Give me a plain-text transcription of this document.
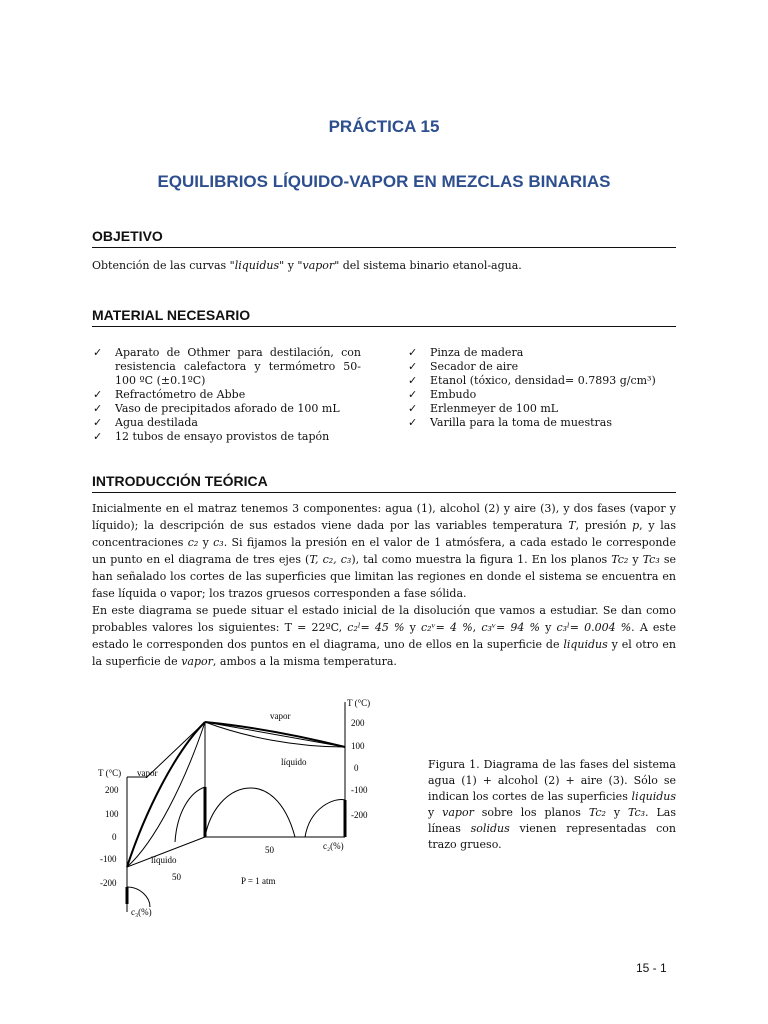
PRÁCTICA 15
EQUILIBRIOS LÍQUIDO-VAPOR EN MEZCLAS BINARIAS
OBJETIVO
Obtención de las curvas "liquidus" y "vapor" del sistema binario etanol-agua.
MATERIAL NECESARIO
✓ Aparato de Othmer para destilación, con resistencia calefactora y termómetro 50-100 ºC (±0.1ºC)
✓ Refractómetro de Abbe
✓ Vaso de precipitados aforado de 100 mL
✓ Agua destilada
✓ 12 tubos de ensayo provistos de tapón
✓ Pinza de madera
✓ Secador de aire
✓ Etanol (tóxico, densidad= 0.7893 g/cm³)
✓ Embudo
✓ Erlenmeyer de 100 mL
✓ Varilla para la toma de muestras
INTRODUCCIÓN TEÓRICA
Inicialmente en el matraz tenemos 3 componentes: agua (1), alcohol (2) y aire (3), y dos fases (vapor y líquido); la descripción de sus estados viene dada por las variables temperatura T, presión p, y las concentraciones c₂ y c₃. Si fijamos la presión en el valor de 1 atmósfera, a cada estado le corresponde un punto en el diagrama de tres ejes (T, c₂, c₃), tal como muestra la figura 1. En los planos Tc₂ y Tc₃ se han señalado los cortes de las superficies que limitan las regiones en donde el sistema se encuentra en fase líquida o vapor; los trazos gruesos corresponden a fase sólida.
En este diagrama se puede situar el estado inicial de la disolución que vamos a estudiar. Se dan como probables valores los siguientes: T = 22ºC, c₂ˡ= 45 % y c₂ᵛ= 4 %, c₃ᵛ= 94 % y c₃ˡ= 0.004 %. A este estado le corresponden dos puntos en el diagrama, uno de ellos en la superficie de liquidus y el otro en la superficie de vapor, ambos a la misma temperatura.
T (°C)
200
100
0
-100
-200
T (°C)
200
100
0
-100
-200
vapor
líquido
vapor
líquido
50	c₂(%)
50
c₃(%)
P = 1 atm
Figura 1. Diagrama de las fases del sistema agua (1) + alcohol (2) + aire (3). Sólo se indican los cortes de las superficies liquidus y vapor sobre los planos Tc₂ y Tc₃. Las líneas solidus vienen representadas con trazo grueso.
15 - 1
